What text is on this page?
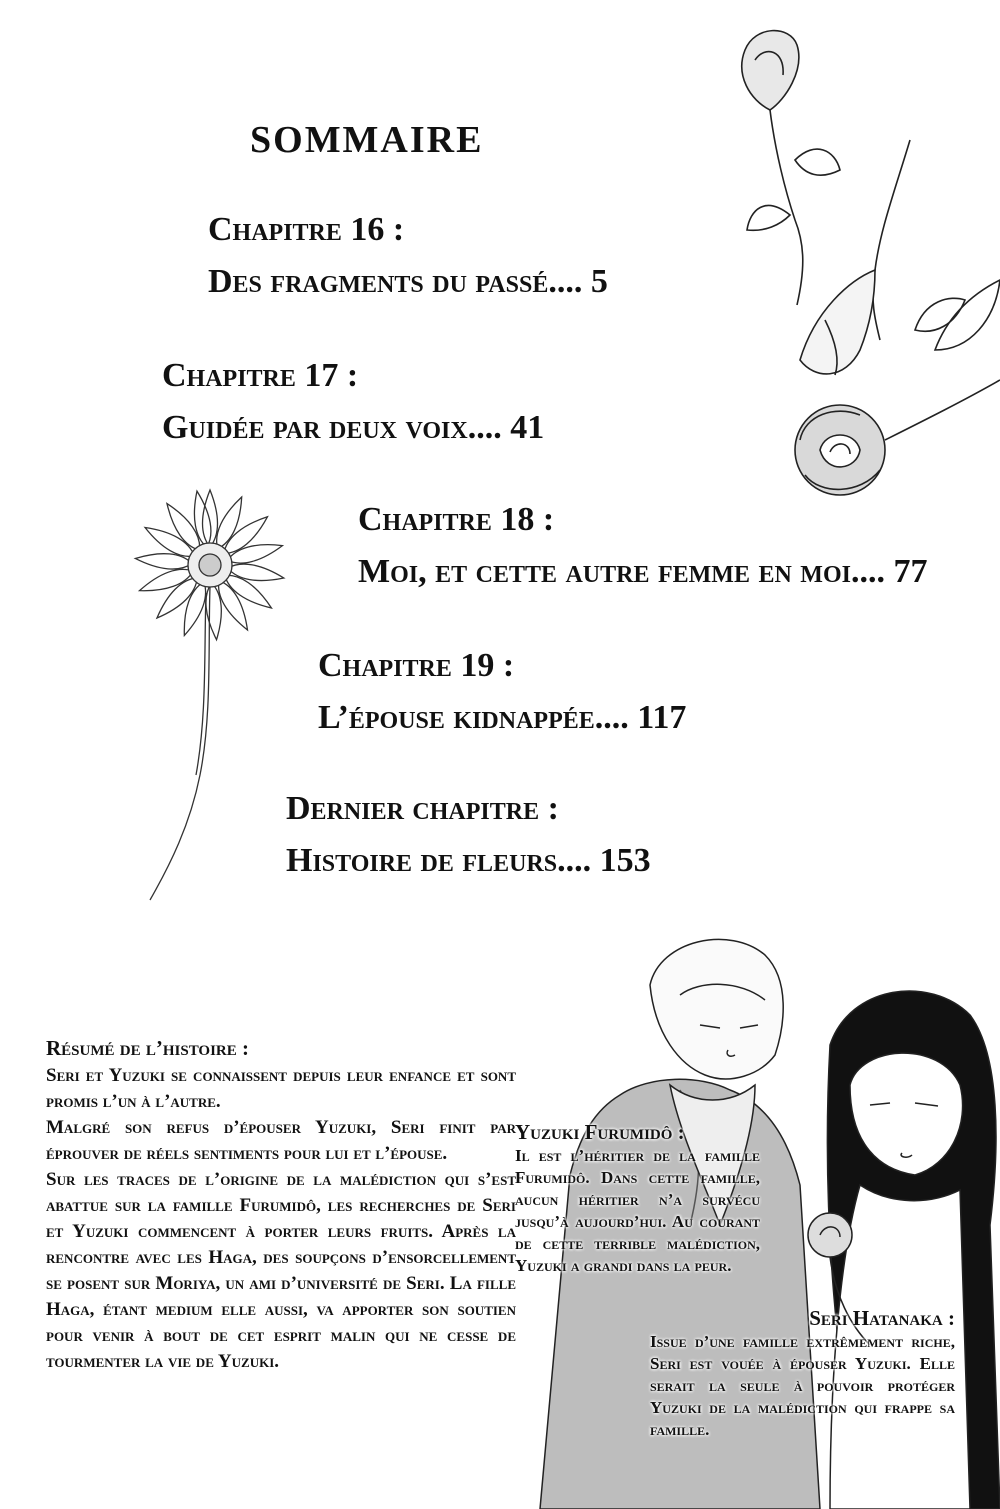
SOMMAIRE
Chapitre 16 :
Des fragments du passé.... 5
Chapitre 17 :
Guidée par deux voix.... 41
Chapitre 18 :
Moi, et cette autre femme en moi.... 77
Chapitre 19 :
L’épouse kidnappée.... 117
Dernier chapitre :
Histoire de fleurs.... 153
Yuzuki Furumidô :
Il est l’héritier de la famille Furumidô. Dans cette famille, aucun héritier n’a survécu jusqu’à aujourd’hui. Au courant de cette terrible malédiction, Yuzuki a grandi dans la peur.
Seri Hatanaka :
Issue d’une famille extrêmement riche, Seri est vouée à épouser Yuzuki. Elle serait la seule à pouvoir protéger Yuzuki de la malédiction qui frappe sa famille.
Résumé de l’histoire :

Seri et Yuzuki se connaissent depuis leur enfance et sont promis l’un à l’autre.

Malgré son refus d’épouser Yuzuki, Seri finit par éprouver de réels sentiments pour lui et l’épouse.

Sur les traces de l’origine de la malédiction qui s’est abattue sur la famille Furumidô, les recherches de Seri et Yuzuki commencent à porter leurs fruits. Après la rencontre avec les Haga, des soupçons d’ensorcellement se posent sur Moriya, un ami d’université de Seri. La fille Haga, étant medium elle aussi, va apporter son soutien pour venir à bout de cet esprit malin qui ne cesse de tourmenter la vie de Yuzuki.
